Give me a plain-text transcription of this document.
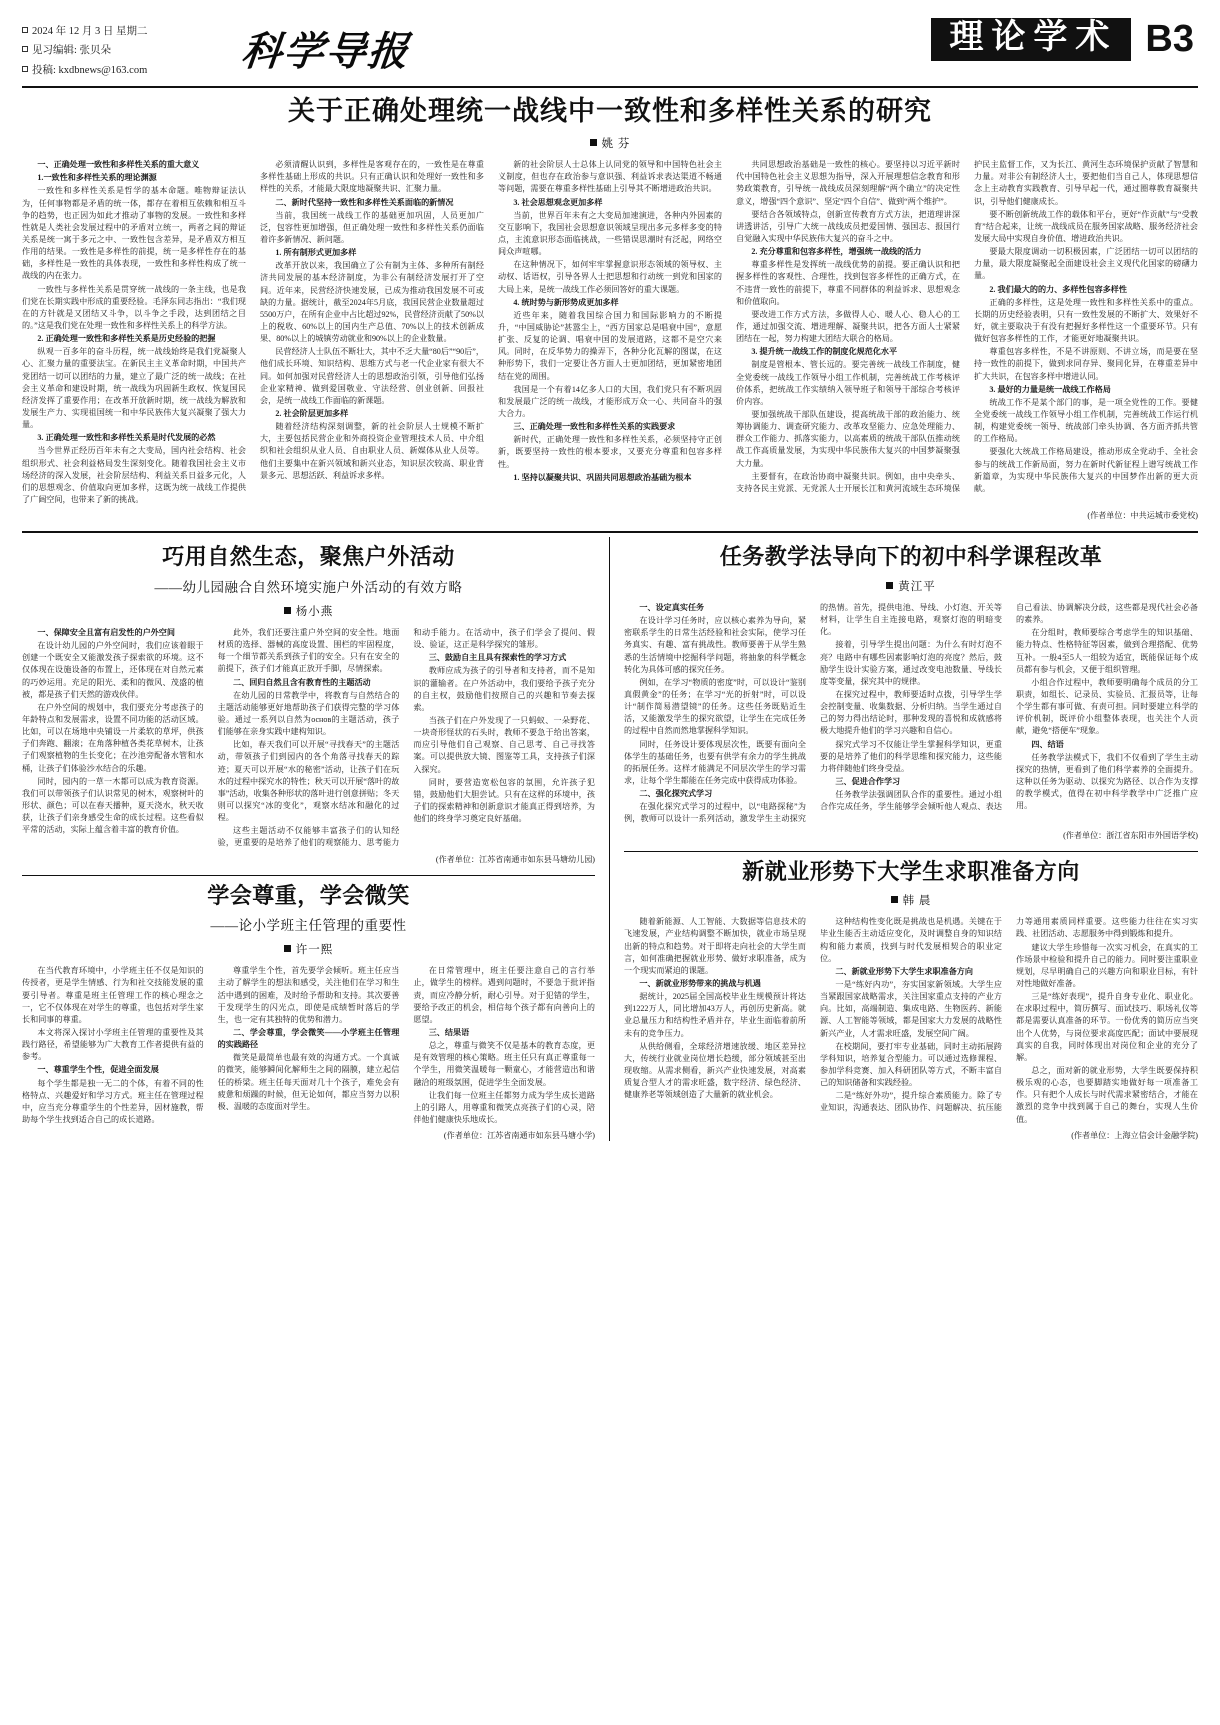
2024 年 12 月 3 日 星期二
见习编辑: 张贝朵
投稿: kxdbnews@163.com	科学导报	理论学术 B3
关于正确处理统一战线中一致性和多样性关系的研究
姚 芬

一、正确处理一致性和多样性关系的重大意义

1.一致性和多样性关系的理论渊源

一致性和多样性关系是哲学的基本命题。唯物辩证法认为，任何事物都是矛盾的统一体，都存在着相互依赖和相互斗争的趋势，也正因为如此才推动了事物的发展。一致性和多样性就是人类社会发展过程中的矛盾对立统一，两者之间的辩证关系是统一寓于多元之中、一致性包含差异，是矛盾双方相互作用的结果。一致性是多样性的前提，统一是多样性存在的基础，多样性是一致性的具体表现，一致性和多样性构成了统一战线的内在张力。

一致性与多样性关系是贯穿统一战线的一条主线，也是我们党在长期实践中形成的重要经验。毛泽东同志指出：“我们现在的方针就是又团结又斗争，以斗争之手段，达到团结之目的。”这是我们党在处理一致性和多样性关系上的科学方法。

2. 正确处理一致性和多样性关系是历史经验的把握

纵观一百多年的奋斗历程，统一战线始终是我们党凝聚人心、汇聚力量的重要法宝。在新民主主义革命时期，中国共产党团结一切可以团结的力量，建立了最广泛的统一战线；在社会主义革命和建设时期，统一战线为巩固新生政权、恢复国民经济发挥了重要作用；在改革开放新时期，统一战线为解放和发展生产力、实现祖国统一和中华民族伟大复兴凝聚了强大力量。

3. 正确处理一致性和多样性关系是时代发展的必然

当今世界正经历百年未有之大变局，国内社会结构、社会组织形式、社会利益格局发生深刻变化。随着我国社会主义市场经济的深入发展，社会阶层结构、利益关系日益多元化，人们的思想观念、价值取向更加多样，这既为统一战线工作提供了广阔空间，也带来了新的挑战。

必须清醒认识到，多样性是客观存在的，一致性是在尊重多样性基础上形成的共识。只有正确认识和处理好一致性和多样性的关系，才能最大限度地凝聚共识、汇聚力量。

二、新时代坚持一致性和多样性关系面临的新情况

当前，我国统一战线工作的基础更加巩固，人员更加广泛，包容性更加增强，但正确处理一致性和多样性关系仍面临着许多新情况、新问题。

1. 所有制形式更加多样

改革开放以来，我国确立了公有制为主体、多种所有制经济共同发展的基本经济制度，为非公有制经济发展打开了空间。近年来，民营经济快速发展，已成为推动我国发展不可或缺的力量。据统计，截至2024年5月底，我国民营企业数量超过5500万户，在所有企业中占比超过92%，民营经济贡献了50%以上的税收、60%以上的国内生产总值、70%以上的技术创新成果、80%以上的城镇劳动就业和90%以上的企业数量。

民营经济人士队伍不断壮大，其中不乏大量“80后”“90后”，他们成长环境、知识结构、思维方式与老一代企业家有很大不同。如何加强对民营经济人士的思想政治引领，引导他们弘扬企业家精神、做到爱国敬业、守法经营、创业创新、回报社会，是统一战线工作面临的新课题。

2. 社会阶层更加多样

随着经济结构深刻调整，新的社会阶层人士规模不断扩大，主要包括民营企业和外商投资企业管理技术人员、中介组织和社会组织从业人员、自由职业人员、新媒体从业人员等。他们主要集中在新兴领域和新兴业态，知识层次较高、职业背景多元、思想活跃、利益诉求多样。

新的社会阶层人士总体上认同党的领导和中国特色社会主义制度，但也存在政治参与意识强、利益诉求表达渠道不畅通等问题，需要在尊重多样性基础上引导其不断增进政治共识。

3. 社会思想观念更加多样

当前，世界百年未有之大变局加速演进，各种内外因素的交互影响下，我国社会思想意识领域呈现出多元多样多变的特点，主流意识形态面临挑战，一些错误思潮时有泛起，网络空间众声喧哪。

在这种情况下，如何牢牢掌握意识形态领域的领导权、主动权、话语权，引导各界人士把思想和行动统一到党和国家的大局上来，是统一战线工作必须回答好的重大课题。

4. 统时势与新形势成更加多样

近些年来，随着我国综合国力和国际影响力的不断提升，“中国威胁论”甚嚣尘上，“西方国家总是唱衰中国”，意愿扩张、反复的论调、唱衰中国的发展道路，这都不是空穴来风。同时，在反华势力的操弄下，各种分化瓦解的图谋，在这种形势下，我们一定要让各方面人士更加团结，更加紧密地团结在党的周围。

我国是一个有着14亿多人口的大国，我们党只有不断巩固和发展最广泛的统一战线，才能形成万众一心、共同奋斗的强大合力。

三、正确处理一致性和多样性关系的实践要求

新时代，正确处理一致性和多样性关系，必须坚持守正创新，既要坚持一致性的根本要求，又要充分尊重和包容多样性。

1. 坚持以凝聚共识、巩固共同思想政治基础为根本

共同思想政治基础是一致性的核心。要坚持以习近平新时代中国特色社会主义思想为指导，深入开展理想信念教育和形势政策教育，引导统一战线成员深刻理解“两个确立”的决定性意义，增强“四个意识”、坚定“四个自信”、做到“两个维护”。

要结合各领域特点，创新宣传教育方式方法，把道理讲深讲透讲活，引导广大统一战线成员把爱国情、强国志、报国行自觉融入实现中华民族伟大复兴的奋斗之中。

2. 充分尊重和包容多样性，增强统一战线的活力

尊重多样性是发挥统一战线优势的前提。要正确认识和把握多样性的客观性、合理性，找到包容多样性的正确方式，在不违背一致性的前提下，尊重不同群体的利益诉求、思想观念和价值取向。

要改进工作方式方法，多做得人心、暖人心、稳人心的工作，通过加强交流、增进理解、凝聚共识，把各方面人士紧紧团结在一起，努力构建大团结大联合的格局。

3. 提升统一战线工作的制度化规范化水平

制度是管根本、管长远的。要完善统一战线工作制度，健全党委统一战线工作领导小组工作机制，完善统战工作考核评价体系，把统战工作实绩纳入领导班子和领导干部综合考核评价内容。

要加强统战干部队伍建设，提高统战干部的政治能力、统筹协调能力、调查研究能力、改革攻坚能力、应急处理能力、群众工作能力、抓落实能力，以高素质的统战干部队伍推动统战工作高质量发展，为实现中华民族伟大复兴的中国梦凝聚强大力量。

主要督有，在政治协商中凝聚共识。例如，由中央牵头、支持各民主党派、无党派人士开展长江和黄河流域生态环境保护民主监督工作，又为长江、黄河生态环境保护贡献了智慧和力量。对非公有制经济人士，要把他们当自己人，体现思想信念上主动教育实践教育、引导早起一代，通过圈尊教育凝聚共识，引导他们健康成长。

要不断创新统战工作的载体和平台，更好“作贡献”与“受教育”结合起来，让统一战线成员在服务国家战略、服务经济社会发展大局中实现自身价值、增进政治共识。

要最大限度调动一切积极因素，广泛团结一切可以团结的力量，最大限度凝聚起全面建设社会主义现代化国家的磅礴力量。

2. 我们最大的的力、多样性包容多样性

正确的多样性，这是处理一致性和多样性关系中的重点。长期的历史经验表明，只有一致性发展的不断扩大、效果好不好，就主要取决于有没有把握好多样性这一个重要环节。只有做好包容多样性的工作，才能更好地凝聚共识。

尊重包容多样性，不是不讲原则、不讲立场，而是要在坚持一致性的前提下，做到求同存异、聚同化异，在尊重差异中扩大共识，在包容多样中增进认同。

3. 最好的力量是统一战线工作格局

统战工作不是某个部门的事，是一项全党性的工作。要健全党委统一战线工作领导小组工作机制，完善统战工作运行机制，构建党委统一领导、统战部门牵头协调、各方面齐抓共管的工作格局。

要强化大统战工作格局建设，推动形成全党动手、全社会参与的统战工作新局面，努力在新时代新征程上谱写统战工作新篇章，为实现中华民族伟大复兴的中国梦作出新的更大贡献。

(作者单位：中共运城市委党校)
巧用自然生态，聚焦户外活动
——幼儿园融合自然环境实施户外活动的有效方略
杨小燕

一、保障安全且富有启发性的户外空间

在设计幼儿园的户外空间时，我们应该着眼于创建一个既安全又能激发孩子探索欲的环境。这不仅体现在设施设备的布置上，还体现在对自然元素的巧妙运用。充足的阳光、柔和的微风、茂盛的植被，都是孩子们天然的游戏伙伴。

在户外空间的规划中，我们要充分考虑孩子的年龄特点和发展需求，设置不同功能的活动区域。比如，可以在场地中央铺设一片柔软的草坪，供孩子们奔跑、翻滚；在角落种植各类花草树木，让孩子们观察植物的生长变化；在沙池旁配备水管和水桶，让孩子们体验沙水结合的乐趣。

同时，园内的一草一木都可以成为教育资源。我们可以带领孩子们认识常见的树木，观察树叶的形状、颜色；可以在春天播种，夏天浇水，秋天收获，让孩子们亲身感受生命的成长过程。这些看似平常的活动，实际上蕴含着丰富的教育价值。

此外，我们还要注重户外空间的安全性。地面材质的选择、器械的高度设置、围栏的牢固程度，每一个细节都关系到孩子们的安全。只有在安全的前提下，孩子们才能真正放开手脚，尽情探索。

二、回归自然且含有教育性的主题活动

在幼儿园的日常教学中，将教育与自然结合的主题活动能够更好地帮助孩子们获得完整的学习体验。通过一系列以自然为основ的主题活动，孩子们能够在亲身实践中建构知识。

比如，春天我们可以开展“寻找春天”的主题活动，带领孩子们到园内的各个角落寻找春天的踪迹；夏天可以开展“水的秘密”活动，让孩子们在玩水的过程中探究水的特性；秋天可以开展“落叶的故事”活动，收集各种形状的落叶进行创意拼贴；冬天则可以探究“冰的变化”，观察水结冰和融化的过程。

这些主题活动不仅能够丰富孩子们的认知经验，更重要的是培养了他们的观察能力、思考能力和动手能力。在活动中，孩子们学会了提问、假设、验证，这正是科学探究的雏形。

三、鼓励自主且具有探索性的学习方式

教师应成为孩子的引导者和支持者，而不是知识的灌输者。在户外活动中，我们要给予孩子充分的自主权，鼓励他们按照自己的兴趣和节奏去探索。

当孩子们在户外发现了一只蚂蚁、一朵野花、一块奇形怪状的石头时，教师不要急于给出答案，而应引导他们自己观察、自己思考、自己寻找答案。可以提供放大镜、图鉴等工具，支持孩子们深入探究。

同时，要营造宽松包容的氛围，允许孩子犯错，鼓励他们大胆尝试。只有在这样的环境中，孩子们的探索精神和创新意识才能真正得到培养，为他们的终身学习奠定良好基础。

(作者单位：江苏省南通市如东县马塘幼儿园)
学会尊重，学会微笑
——论小学班主任管理的重要性
许一熙

在当代教育环境中，小学班主任不仅是知识的传授者，更是学生情感、行为和社交技能发展的重要引导者。尊重是班主任管理工作的核心理念之一，它不仅体现在对学生的尊重，也包括对学生家长和同事的尊重。

本文将深入探讨小学班主任管理的重要性及其践行路径，希望能够为广大教育工作者提供有益的参考。

一、尊重学生个性，促进全面发展

每个学生都是独一无二的个体，有着不同的性格特点、兴趣爱好和学习方式。班主任在管理过程中，应当充分尊重学生的个性差异，因材施教，帮助每个学生找到适合自己的成长道路。

尊重学生个性，首先要学会倾听。班主任应当主动了解学生的想法和感受，关注他们在学习和生活中遇到的困难，及时给予帮助和支持。其次要善于发现学生的闪光点，即使是成绩暂时落后的学生，也一定有其独特的优势和潜力。

二、学会尊重，学会微笑——小学班主任管理的实践路径

微笑是最简单也最有效的沟通方式。一个真诚的微笑，能够瞬间化解师生之间的隔膜，建立起信任的桥梁。班主任每天面对几十个孩子，难免会有疲惫和烦躁的时候，但无论如何，都应当努力以积极、温暖的态度面对学生。

在日常管理中，班主任要注意自己的言行举止，做学生的榜样。遇到问题时，不要急于批评指责，而应冷静分析，耐心引导。对于犯错的学生，要给予改正的机会，相信每个孩子都有向善向上的愿望。

三、结果语

总之，尊重与微笑不仅是基本的教育态度，更是有效管理的核心策略。班主任只有真正尊重每一个学生，用微笑温暖每一颗童心，才能营造出和谐融洽的班级氛围，促进学生全面发展。

让我们每一位班主任都努力成为学生成长道路上的引路人，用尊重和微笑点亮孩子们的心灵，陪伴他们健康快乐地成长。

(作者单位：江苏省南通市如东县马塘小学)
任务教学法导向下的初中科学课程改革
黄江平

一、设定真实任务

在设计学习任务时，应以核心素养为导向，紧密联系学生的日常生活经验和社会实际，使学习任务真实、有趣、富有挑战性。教师要善于从学生熟悉的生活情境中挖掘科学问题，将抽象的科学概念转化为具体可感的探究任务。

例如，在学习“物质的密度”时，可以设计“鉴别真假黄金”的任务；在学习“光的折射”时，可以设计“制作简易潜望镜”的任务。这些任务既贴近生活，又能激发学生的探究欲望，让学生在完成任务的过程中自然而然地掌握科学知识。

同时，任务设计要体现层次性，既要有面向全体学生的基础任务，也要有供学有余力的学生挑战的拓展任务。这样才能满足不同层次学生的学习需求，让每个学生都能在任务完成中获得成功体验。

二、强化探究式学习

在强化探究式学习的过程中，以“电路探秘”为例，教师可以设计一系列活动，激发学生主动探究的热情。首先，提供电池、导线、小灯泡、开关等材料，让学生自主连接电路，观察灯泡的明暗变化。

接着，引导学生提出问题：为什么有时灯泡不亮？电路中有哪些因素影响灯泡的亮度？然后，鼓励学生设计实验方案，通过改变电池数量、导线长度等变量，探究其中的规律。

在探究过程中，教师要适时点拨，引导学生学会控制变量、收集数据、分析归纳。当学生通过自己的努力得出结论时，那种发现的喜悦和成就感将极大地提升他们的学习兴趣和自信心。

探究式学习不仅能让学生掌握科学知识，更重要的是培养了他们的科学思维和探究能力，这些能力将伴随他们终身受益。

三、促进合作学习

任务教学法强调团队合作的重要性。通过小组合作完成任务，学生能够学会倾听他人观点、表达自己看法、协调解决分歧，这些都是现代社会必备的素养。

在分组时，教师要综合考虑学生的知识基础、能力特点、性格特征等因素，做到合理搭配、优势互补。一般4至5人一组较为适宜，既能保证每个成员都有参与机会，又便于组织管理。

小组合作过程中，教师要明确每个成员的分工职责，如组长、记录员、实验员、汇报员等，让每个学生都有事可做、有责可担。同时要建立科学的评价机制，既评价小组整体表现，也关注个人贡献，避免“搭便车”现象。

四、结语

任务教学法模式下，我们不仅看到了学生主动探究的热情，更看到了他们科学素养的全面提升。这种以任务为驱动、以探究为路径、以合作为支撑的教学模式，值得在初中科学教学中广泛推广应用。

(作者单位：浙江省东阳市外国语学校)
新就业形势下大学生求职准备方向
韩 晨

随着新能源、人工智能、大数据等信息技术的飞速发展，产业结构调整不断加快，就业市场呈现出新的特点和趋势。对于即将走向社会的大学生而言，如何准确把握就业形势、做好求职准备，成为一个现实而紧迫的课题。

一、新就业形势带来的挑战与机遇

据统计，2025届全国高校毕业生规模预计将达到1222万人，同比增加43万人，再创历史新高。就业总量压力和结构性矛盾并存，毕业生面临着前所未有的竞争压力。

从供给侧看，全球经济增速放缓、地区差异拉大，传统行业就业岗位增长趋缓，部分领域甚至出现收缩。从需求侧看，新兴产业快速发展，对高素质复合型人才的需求旺盛，数字经济、绿色经济、健康养老等领域创造了大量新的就业机会。

这种结构性变化既是挑战也是机遇。关键在于毕业生能否主动适应变化，及时调整自身的知识结构和能力素质，找到与时代发展相契合的职业定位。

二、新就业形势下大学生求职准备方向

一是“练好内功”，夯实国家新领域。大学生应当紧跟国家战略需求，关注国家重点支持的产业方向。比如，高端制造、集成电路、生物医药、新能源、人工智能等领域，都是国家大力发展的战略性新兴产业，人才需求旺盛，发展空间广阔。

在校期间，要打牢专业基础，同时主动拓展跨学科知识，培养复合型能力。可以通过选修课程、参加学科竞赛、加入科研团队等方式，不断丰富自己的知识储备和实践经验。

二是“练好外功”，提升综合素质能力。除了专业知识，沟通表达、团队协作、问题解决、抗压能力等通用素质同样重要。这些能力往往在实习实践、社团活动、志愿服务中得到锻炼和提升。

建议大学生珍惜每一次实习机会，在真实的工作场景中检验和提升自己的能力。同时要注重职业规划，尽早明确自己的兴趣方向和职业目标，有针对性地做好准备。

三是“练好表现”，提升自身专业化、职业化。在求职过程中，简历撰写、面试技巧、职场礼仪等都是需要认真准备的环节。一份优秀的简历应当突出个人优势，与岗位要求高度匹配；面试中要展现真实的自我，同时体现出对岗位和企业的充分了解。

总之，面对新的就业形势，大学生既要保持积极乐观的心态，也要脚踏实地做好每一项准备工作。只有把个人成长与时代需求紧密结合，才能在激烈的竞争中找到属于自己的舞台，实现人生价值。

(作者单位：上海立信会计金融学院)
